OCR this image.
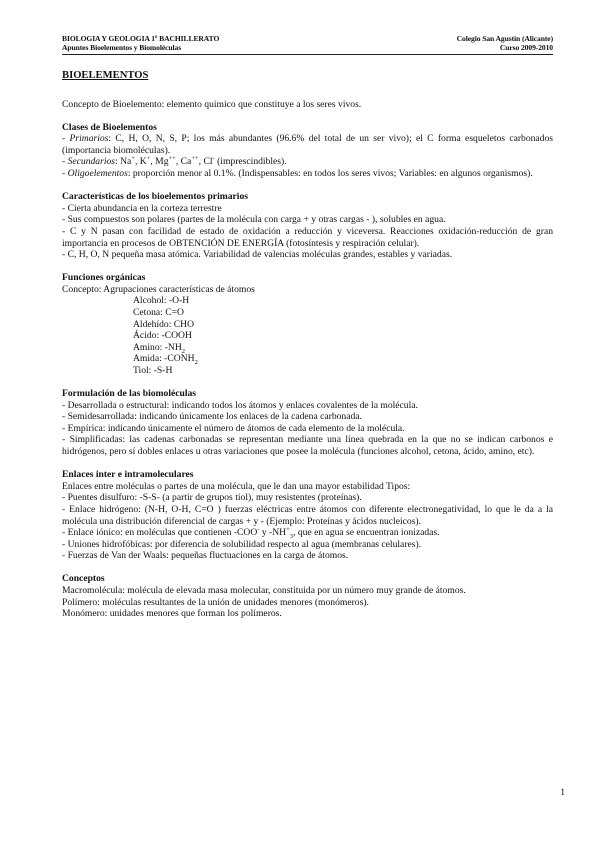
BIOLOGIA Y GEOLOGIA 1º BACHILLERATO
Apuntes Bioelementos y Biomoléculas
Colegio San Agustín (Alicante)
Curso 2009-2010
BIOELEMENTOS

Concepto de Bioelemento: elemento químico que constituye a los seres vivos.

Clases de Bioelementos

- Primarios: C, H, O, N, S, P; los más abundantes (96.6% del total de un ser vivo); el C forma esqueletos carbonados (importancia biomoléculas).

- Secundarios: Na+, K+, Mg++, Ca++, Cl- (imprescindibles).

- Oligoelementos: proporción menor al 0.1%. (Indispensables: en todos los seres vivos; Variables: en algunos organismos).

Características de los bioelementos primarios

- Cierta abundancia en la corteza terrestre

- Sus compuestos son polares (partes de la molécula con carga + y otras cargas - ), solubles en agua.

- C y N pasan con facilidad de estado de oxidación a reducción y viceversa. Reacciones oxidación-reducción de gran importancia en procesos de OBTENCIÓN DE ENERGÍA (fotosíntesis y respiración celular).

- C, H, O, N pequeña masa atómica. Variabilidad de valencias moléculas grandes, estables y variadas.

Funciones orgánicas

Concepto: Agrupaciones características de átomos

Alcohol: -O-H

Cetona: C=O

Aldehído: CHO

Ácido: -COOH

Amino: $-NH_2$

Amida: $-CONH_2$

Tiol: -S-H

Formulación de las biomoléculas

- Desarrollada o estructural: indicando todos los átomos y enlaces covalentes de la molécula.

- Semidesarrollada: indicando únicamente los enlaces de la cadena carbonada.

- Empírica: indicando únicamente el número de átomos de cada elemento de la molécula.

- Simplificadas: las cadenas carbonadas se representan mediante una línea quebrada en la que no se indican carbonos e hidrógenos, pero sí dobles enlaces u otras variaciones que posee la molécula (funciones alcohol, cetona, ácido, amino, etc).

Enlaces inter e intramoleculares

Enlaces entre moléculas o partes de una molécula, que le dan una mayor estabilidad Tipos:

- Puentes disulfuro: -S-S- (a partir de grupos tiol), muy resistentes (proteínas).

- Enlace hidrógeno: (N-H, O-H, C=O ) fuerzas eléctricas entre átomos con diferente electronegatividad, lo que le da a la molécula una distribución diferencial de cargas + y - (Ejemplo: Proteínas y ácidos nucleicos).

- Enlace iónico: en moléculas que contienen -COO- y $-NH^+_3$, que en agua se encuentran ionizadas.

- Uniones hidrofóbicas: por diferencia de solubilidad respecto al agua (membranas celulares).

- Fuerzas de Van der Waals: pequeñas fluctuaciones en la carga de átomos.

Conceptos

Macromolécula: molécula de elevada masa molecular, constituida por un número muy grande de átomos.

Polímero: moléculas resultantes de la unión de unidades menores (monómeros).

Monómero: unidades menores que forman los polímeros.

1
